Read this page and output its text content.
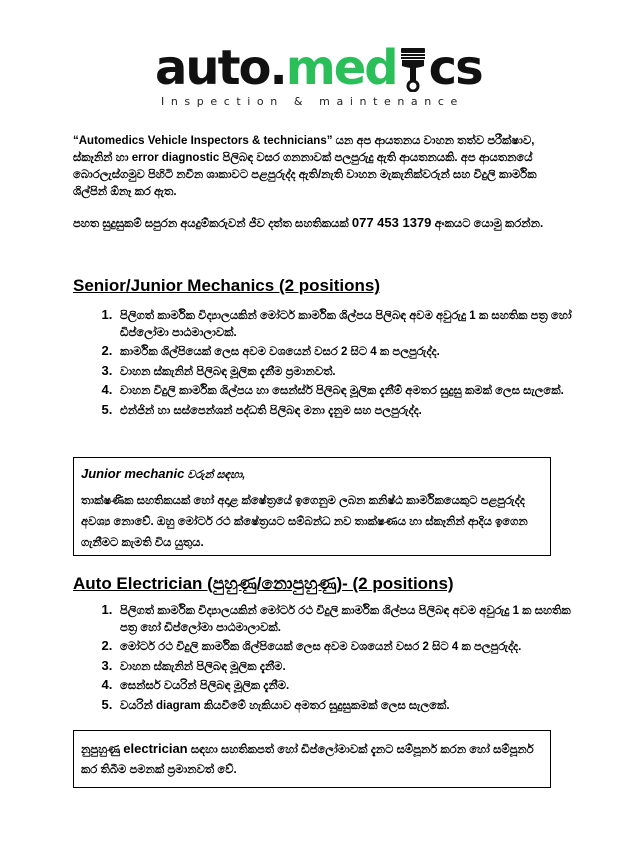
auto.med cs
Inspection & maintenance
“Automedics Vehicle Inspectors & technicians” යන අප ආයතනය වාහන තත්ව පරීක්ෂාව, ස්කෑනින් හා error diagnostic පිලිබඳ වසර ගනනාවක් පලපුරුදු ඇති ආයතනයකි. අප ආයතනයේ බොරලැස්ගමුව පිහිටි නවීන ශාකාවට පළපුරුද්ද ඇති/නැති වාහන මැකැනික්වරුන් සහ විදුලි කාර්මික ශිල්පින් ඕනෑ කර ඇත.
පහත සුදුසුකම් සපුරන අයදුම්කරුවන් ජීව දත්ත සහතිකයක් 077 453 1379 අංකයට යොමු කරන්න.
Senior/Junior Mechanics (2 positions)
1. පිලිගත් කාර්මික විද්‍යාලයකින් මෝටර් කාර්මික ශිල්පය පිලිබඳ අවම අවුරුදු 1 ක සහතික පත්‍ර හෝ ඩිප්ලෝමා පාඨමාලාවක්.
2. කාර්මික ශිල්පියෙක් ලෙස අවම වශයෙන් වසර 2 සිට 4 ක පලපුරුද්ද.
3. වාහන ස්කැනින් පිලිබඳ මූලික දැනීම ප්‍රමානවත්.
4. වාහන විදුලි කාර්මික ශිල්පය හා සෙන්ස්ර් පිලිබඳ මූලික දැනීම් අමතර සුදුසු කමක් ලෙස සැලකේ.
5. එන්ජින් හා සස්පෙන්ශන් පද්ධති පිලිබඳ මනා දැනුම සහ පලපුරුද්ද.
Junior mechanic වරුන් සඳහා,
තාක්ෂණික සහතිකයක් හෝ අදාළ ක්ෂේත්‍රයේ ඉගෙනුම ලබන කනිෂ්ඨ කාර්මිකයෙකුට පළපුරුද්ද අවශ්‍ය නොවේ. ඔහු මෝටර් රථ ක්ෂේත්‍රයට සම්බන්ධ නව තාක්ෂණය හා ස්කෑනින් ආදිය ඉගෙන ගැනීමට කැමති විය යුතුය.
Auto Electrician (පුහුණු/නොපුහුණු)- (2 positions)
1. පිලිගත් කාර්මික විද්‍යාලයකින් මෝටර් රථ විදුලි කාර්මික ශිල්පය පිලිබඳ අවම අවුරුදු 1 ක සහතික පත්‍ර හෝ ඩිප්ලෝමා පාඨමාලාවක්.
2. මෝටර් රථ විදුලි කාර්මික ශිල්පියෙක් ලෙස අවම වශයෙන් වසර 2 සිට 4 ක පලපුරුද්ද.
3. වාහන ස්කැනින් පිලිබඳ මූලික දැනීම.
4. සෙන්සර් වයරින් පිලිබඳ මූලික දැනීම.
5. වයරින් diagram කියවීමේ හැකියාව අමතර සුදුසුකමක් ලෙස සැලකේ.
නුපුහුණු electrician සඳහා සහතිකපත් හෝ ඩිප්ලෝමාවක් දැනට සම්පූර්න කරන හෝ සම්පූර්න කර තිබීම පමනක් ප්‍රමානවත් වේ.
